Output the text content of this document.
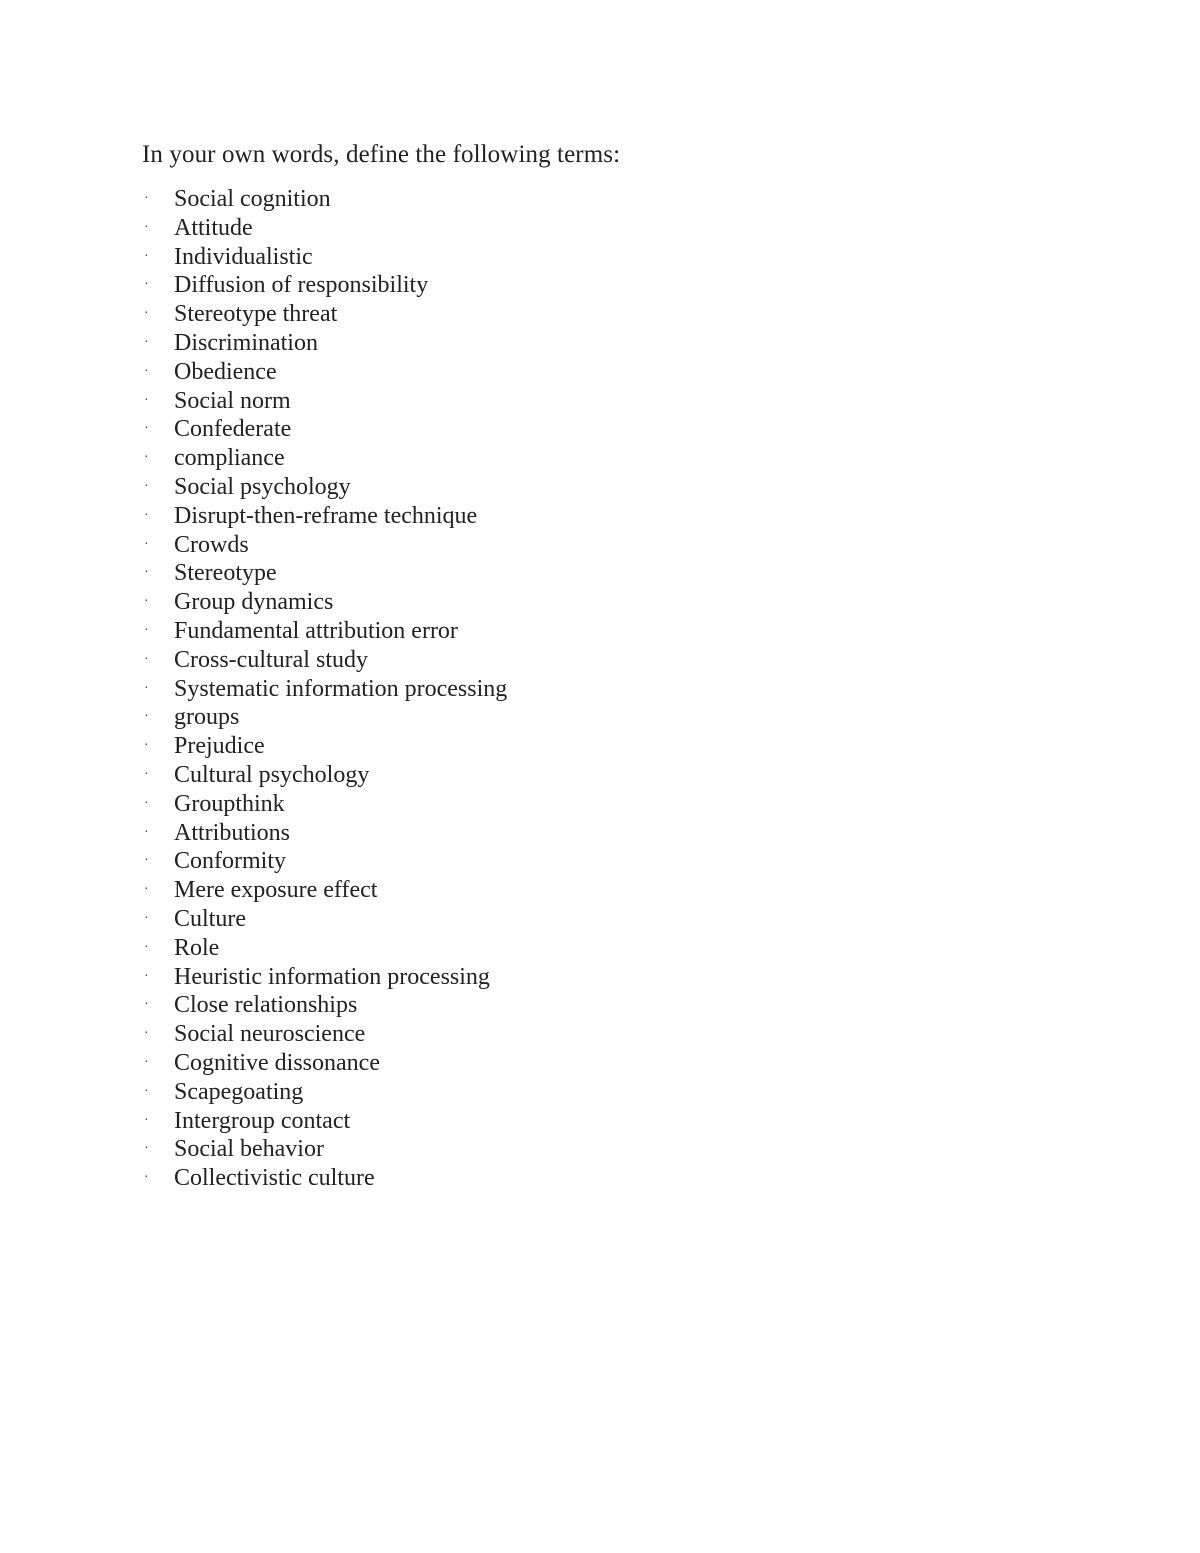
In your own words, define the following terms:

· Social cognition
· Attitude
· Individualistic
· Diffusion of responsibility
· Stereotype threat
· Discrimination
· Obedience
· Social norm
· Confederate
· compliance
· Social psychology
· Disrupt-then-reframe technique
· Crowds
· Stereotype
· Group dynamics
· Fundamental attribution error
· Cross-cultural study
· Systematic information processing
· groups
· Prejudice
· Cultural psychology
· Groupthink
· Attributions
· Conformity
· Mere exposure effect
· Culture
· Role
· Heuristic information processing
· Close relationships
· Social neuroscience
· Cognitive dissonance
· Scapegoating
· Intergroup contact
· Social behavior
· Collectivistic culture
